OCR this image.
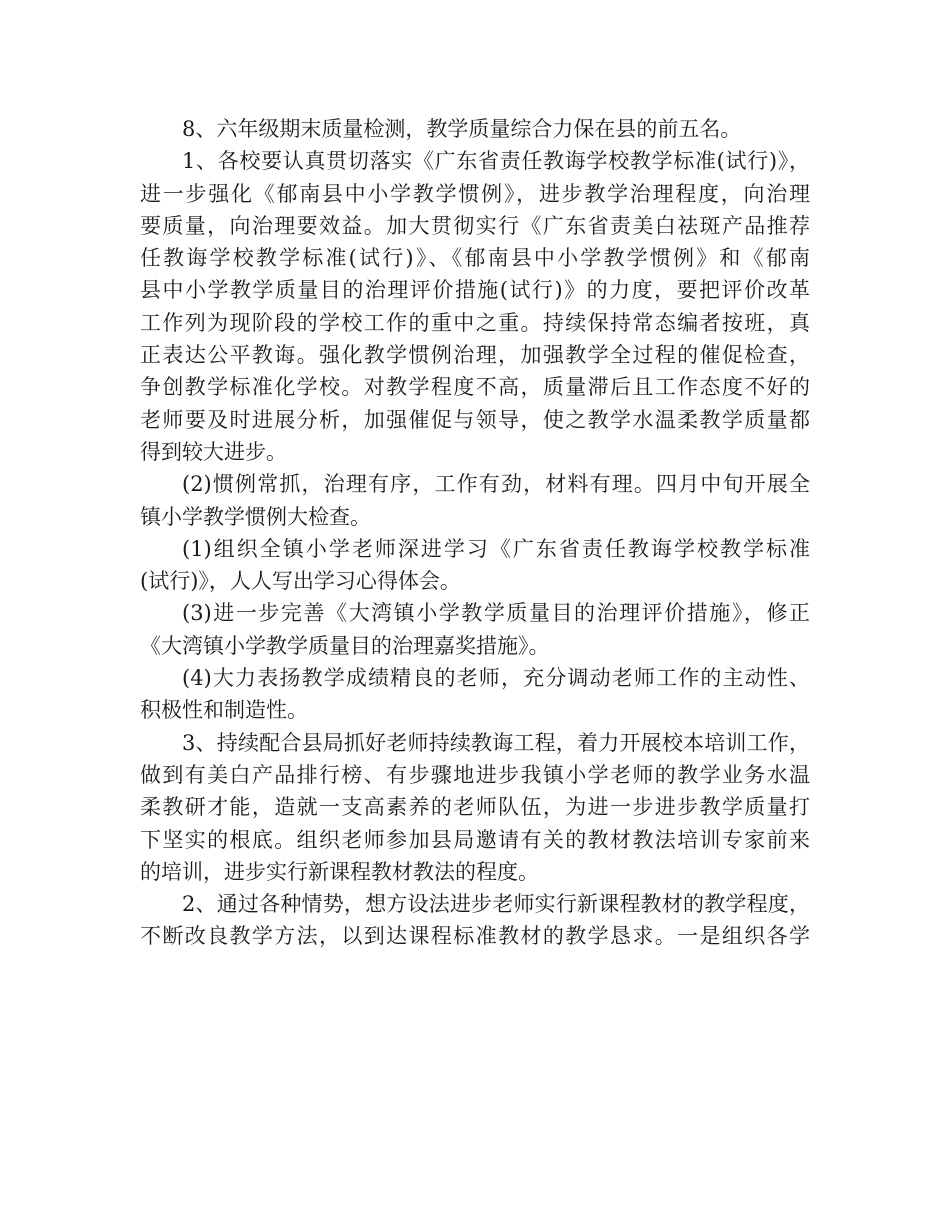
8、六年级期末质量检测，教学质量综合力保在县的前五名。
1、各校要认真贯切落实《广东省责任教诲学校教学标准(试行)》，
进一步强化《郁南县中小学教学惯例》，进步教学治理程度，向治理
要质量，向治理要效益。加大贯彻实行《广东省责美白祛斑产品推荐
任教诲学校教学标准(试行)》、《郁南县中小学教学惯例》和《郁南
县中小学教学质量目的治理评价措施(试行)》的力度，要把评价改革
工作列为现阶段的学校工作的重中之重。持续保持常态编者按班，真
正表达公平教诲。强化教学惯例治理，加强教学全过程的催促检查，
争创教学标准化学校。对教学程度不高，质量滞后且工作态度不好的
老师要及时进展分析，加强催促与领导，使之教学水温柔教学质量都
得到较大进步。
(2)惯例常抓，治理有序，工作有劲，材料有理。四月中旬开展全
镇小学教学惯例大检查。
(1)组织全镇小学老师深进学习《广东省责任教诲学校教学标准
(试行)》，人人写出学习心得体会。
(3)进一步完善《大湾镇小学教学质量目的治理评价措施》，修正
《大湾镇小学教学质量目的治理嘉奖措施》。
(4)大力表扬教学成绩精良的老师，充分调动老师工作的主动性、
积极性和制造性。
3、持续配合县局抓好老师持续教诲工程，着力开展校本培训工作，
做到有美白产品排行榜、有步骤地进步我镇小学老师的教学业务水温
柔教研才能，造就一支高素养的老师队伍，为进一步进步教学质量打
下坚实的根底。组织老师参加县局邀请有关的教材教法培训专家前来
的培训，进步实行新课程教材教法的程度。
2、通过各种情势，想方设法进步老师实行新课程教材的教学程度，
不断改良教学方法，以到达课程标准教材的教学恳求。一是组织各学
